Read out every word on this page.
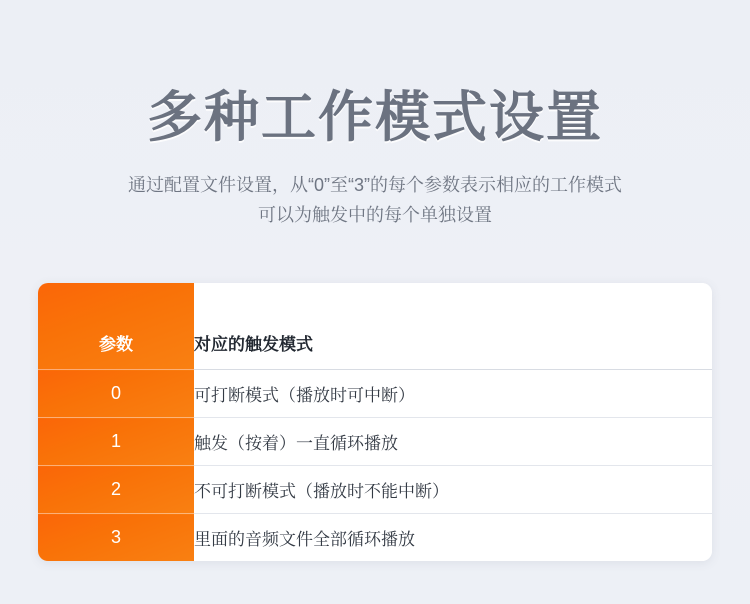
多种工作模式设置

通过配置文件设置，从“0”至“3”的每个参数表示相应的工作模式
可以为触发中的每个单独设置

参数	对应的触发模式
0	可打断模式（播放时可中断）
1	触发（按着）一直循环播放
2	不可打断模式（播放时不能中断）
3	里面的音频文件全部循环播放
